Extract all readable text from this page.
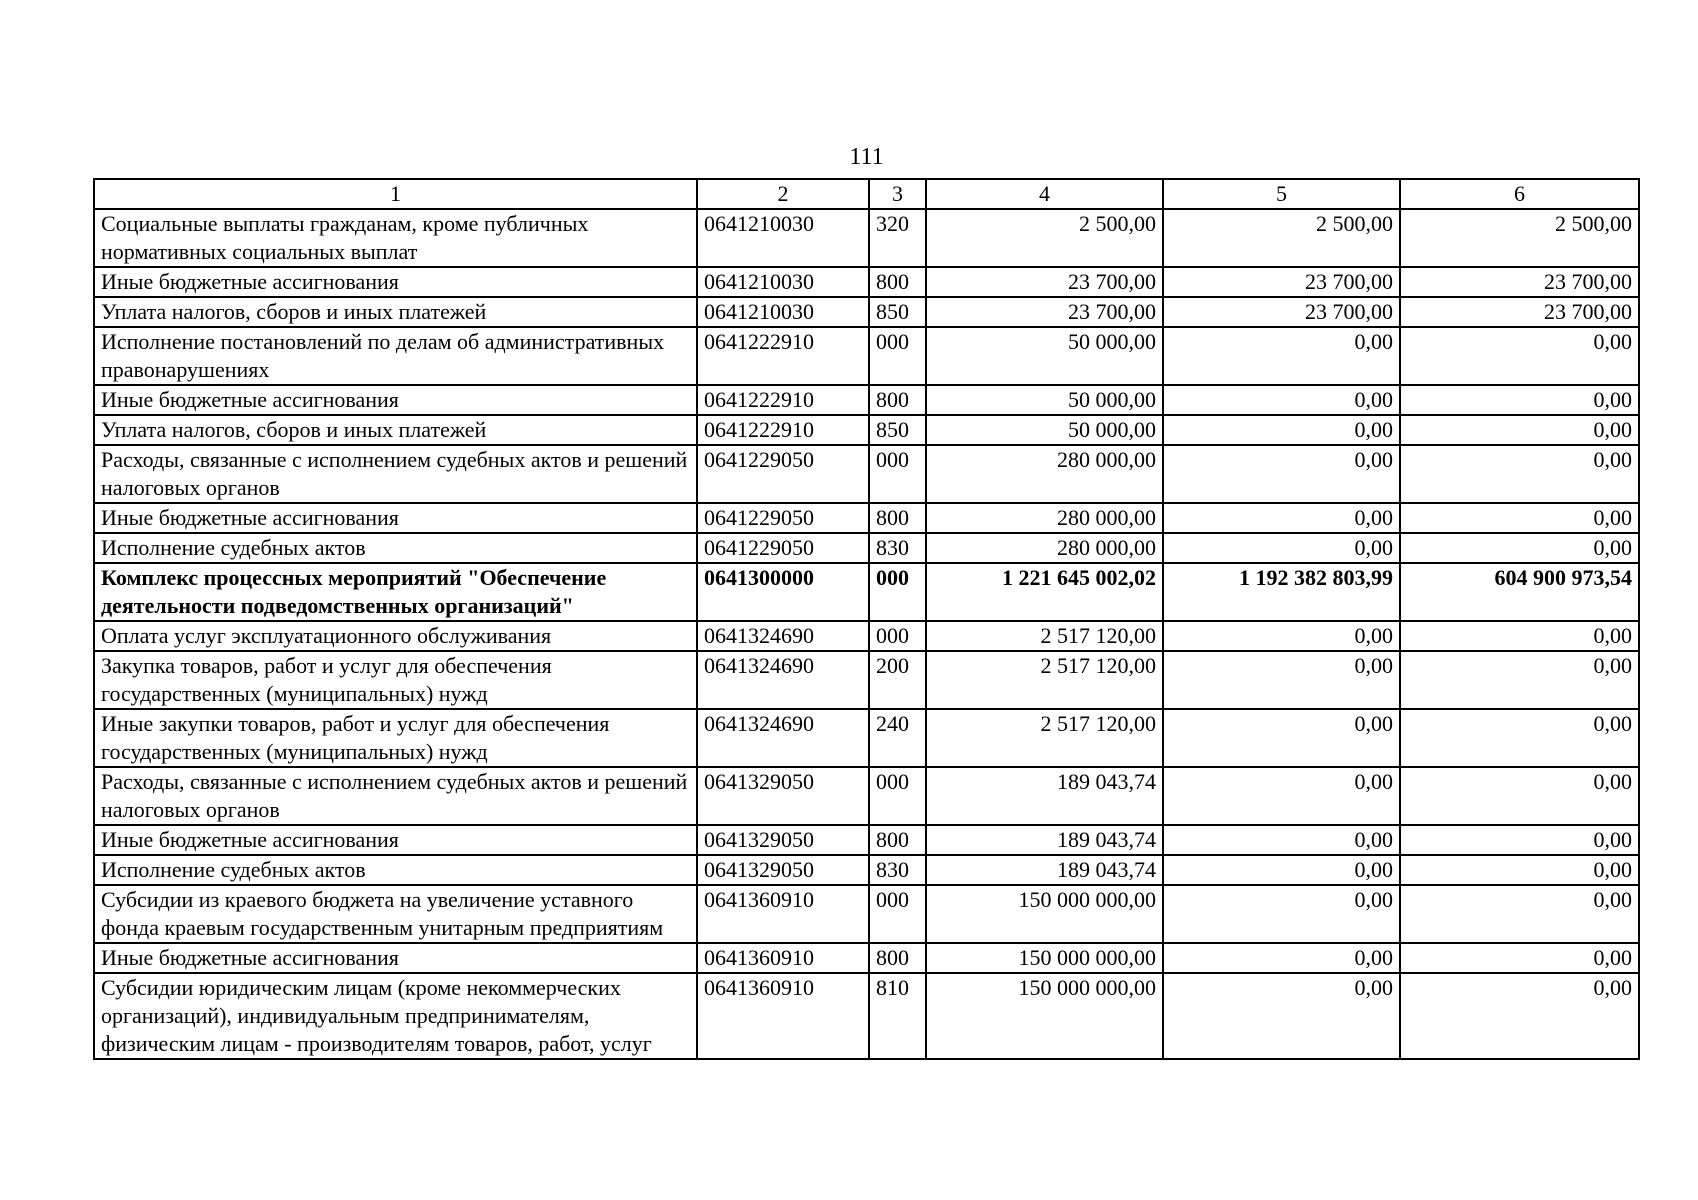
111
1	2	3	4	5	6
Социальные выплаты гражданам, кроме публичных нормативных социальных выплат	0641210030	320	2 500,00	2 500,00	2 500,00
Иные бюджетные ассигнования	0641210030	800	23 700,00	23 700,00	23 700,00
Уплата налогов, сборов и иных платежей	0641210030	850	23 700,00	23 700,00	23 700,00
Исполнение постановлений по делам об административных правонарушениях	0641222910	000	50 000,00	0,00	0,00
Иные бюджетные ассигнования	0641222910	800	50 000,00	0,00	0,00
Уплата налогов, сборов и иных платежей	0641222910	850	50 000,00	0,00	0,00
Расходы, связанные с исполнением судебных актов и решений налоговых органов	0641229050	000	280 000,00	0,00	0,00
Иные бюджетные ассигнования	0641229050	800	280 000,00	0,00	0,00
Исполнение судебных актов	0641229050	830	280 000,00	0,00	0,00
Комплекс процессных мероприятий "Обеспечение деятельности подведомственных организаций"	0641300000	000	1 221 645 002,02	1 192 382 803,99	604 900 973,54
Оплата услуг эксплуатационного обслуживания	0641324690	000	2 517 120,00	0,00	0,00
Закупка товаров, работ и услуг для обеспечения государственных (муниципальных) нужд	0641324690	200	2 517 120,00	0,00	0,00
Иные закупки товаров, работ и услуг для обеспечения государственных (муниципальных) нужд	0641324690	240	2 517 120,00	0,00	0,00
Расходы, связанные с исполнением судебных актов и решений налоговых органов	0641329050	000	189 043,74	0,00	0,00
Иные бюджетные ассигнования	0641329050	800	189 043,74	0,00	0,00
Исполнение судебных актов	0641329050	830	189 043,74	0,00	0,00
Субсидии из краевого бюджета на увеличение уставного фонда краевым государственным унитарным предприятиям	0641360910	000	150 000 000,00	0,00	0,00
Иные бюджетные ассигнования	0641360910	800	150 000 000,00	0,00	0,00
Субсидии юридическим лицам (кроме некоммерческих организаций), индивидуальным предпринимателям, физическим лицам - производителям товаров, работ, услуг	0641360910	810	150 000 000,00	0,00	0,00
